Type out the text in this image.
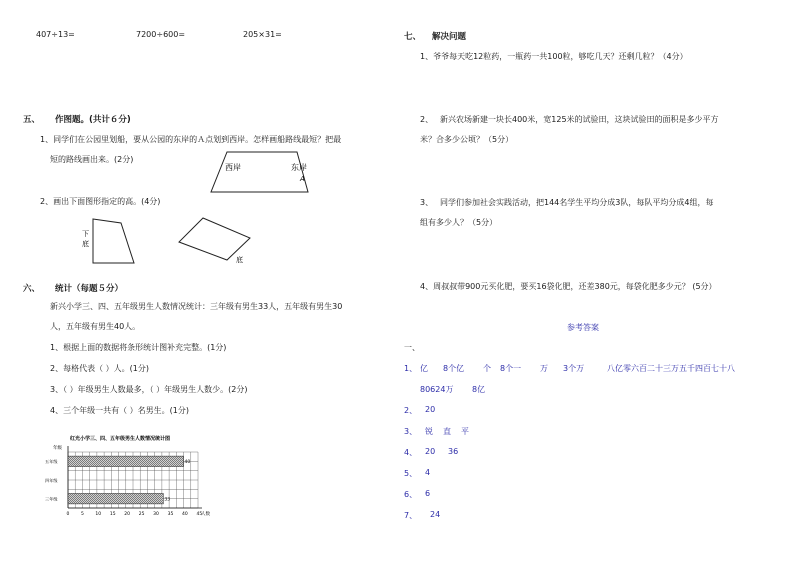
407÷13=	7200÷600=	205×31=
五、 作图题。(共计６分)
1、同学们在公园里划船，要从公园的东岸的Ａ点划到西岸。怎样画船路线最短？把最
短的路线画出来。(2分)
西岸	东岸
A
2、画出下面图形指定的高。(4分)
下
底
底
六、 统计（每题５分）
新兴小学三、四、五年级男生人数情况统计：三年级有男生33人，五年级有男生30
人，五年级有男生40人。
1、根据上面的数据将条形统计图补充完整。(1分)
2、每格代表（ ）人。(1分)
3、（ ）年级男生人数最多，（ ）年级男生人数少。(2分)
4、三个年级一共有（ ）名男生。(1分)
红光小学三、四、五年级男生人数情况统计图
年级
五年级	40
四年级
三年级	33
0	5	10 15 20 25 30 35 40 45
人数
七、 解决问题
1、爷爷每天吃12粒药，一瓶药一共100粒，够吃几天？还剩几粒？（4分）
2、 新兴农场新建一块长400米，宽125米的试验田，这块试验田的面积是多少平方
米？合多少公顷？（5分）
3、 同学们参加社会实践活动，把144名学生平均分成3队，每队平均分成4组，每
组有多少人？（5分）
4、周叔叔带900元买化肥，要买16袋化肥，还差380元，每袋化肥多少元？ (5分）
参考答案
一、
1、 亿 8个亿 个 8个一 万 3个万	八亿零六百二十三万五千四百七十八
80624万 8亿
2、 20
3、 锐 直 平
4、 20 36
5、 4
6、 6
7、 24
